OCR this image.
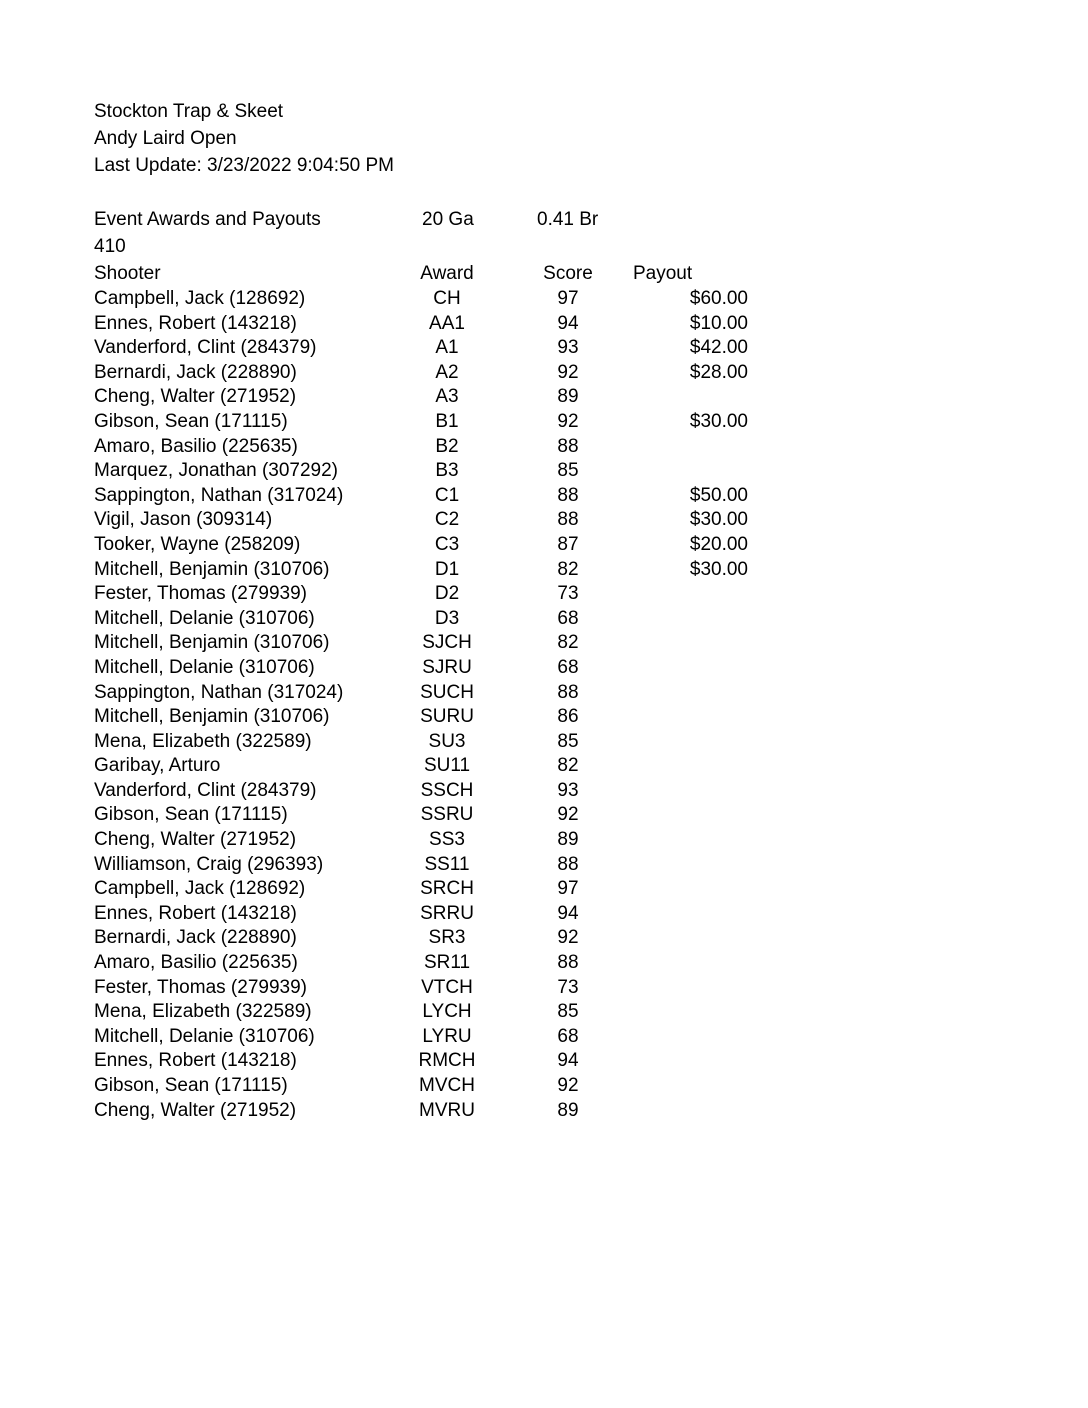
Stockton Trap & Skeet
Andy Laird Open
Last Update: 3/23/2022 9:04:50 PM
Event Awards and Payouts	20 Ga	0.41 Br
410
Shooter	Award	Score	Payout
Campbell, Jack (128692)	CH	97	$60.00
Ennes, Robert (143218)	AA1	94	$10.00
Vanderford, Clint (284379)	A1	93	$42.00
Bernardi, Jack (228890)	A2	92	$28.00
Cheng, Walter (271952)	A3	89
Gibson, Sean (171115)	B1	92	$30.00
Amaro, Basilio (225635)	B2	88
Marquez, Jonathan (307292)	B3	85
Sappington, Nathan (317024)	C1	88	$50.00
Vigil, Jason (309314)	C2	88	$30.00
Tooker, Wayne (258209)	C3	87	$20.00
Mitchell, Benjamin (310706)	D1	82	$30.00
Fester, Thomas (279939)	D2	73
Mitchell, Delanie (310706)	D3	68
Mitchell, Benjamin (310706)	SJCH	82
Mitchell, Delanie (310706)	SJRU	68
Sappington, Nathan (317024)	SUCH	88
Mitchell, Benjamin (310706)	SURU	86
Mena, Elizabeth (322589)	SU3	85
Garibay, Arturo	SU11	82
Vanderford, Clint (284379)	SSCH	93
Gibson, Sean (171115)	SSRU	92
Cheng, Walter (271952)	SS3	89
Williamson, Craig (296393)	SS11	88
Campbell, Jack (128692)	SRCH	97
Ennes, Robert (143218)	SRRU	94
Bernardi, Jack (228890)	SR3	92
Amaro, Basilio (225635)	SR11	88
Fester, Thomas (279939)	VTCH	73
Mena, Elizabeth (322589)	LYCH	85
Mitchell, Delanie (310706)	LYRU	68
Ennes, Robert (143218)	RMCH	94
Gibson, Sean (171115)	MVCH	92
Cheng, Walter (271952)	MVRU	89
